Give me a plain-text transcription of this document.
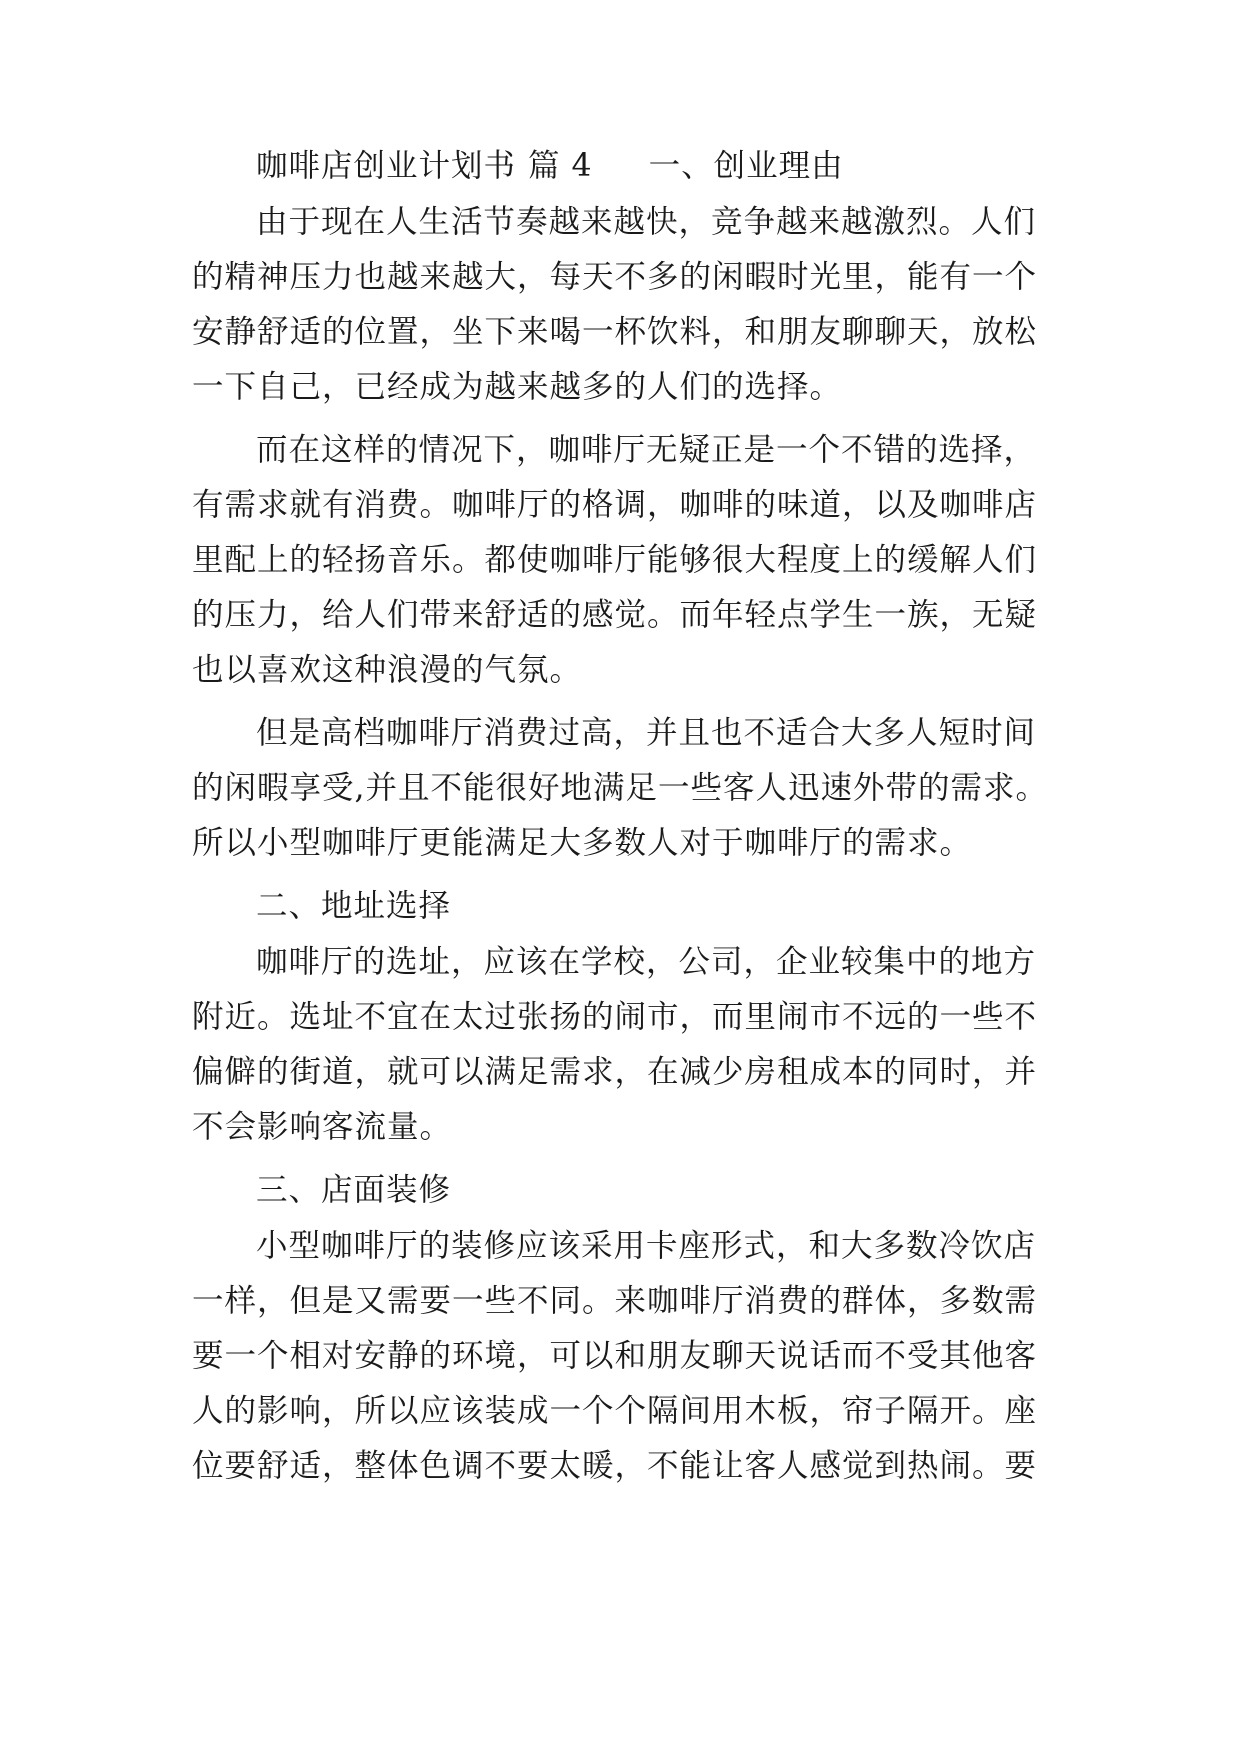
咖啡店创业计划书 篇 4 一、创业理由
由于现在人生活节奏越来越快，竞争越来越激烈。人们
的精神压力也越来越大，每天不多的闲暇时光里，能有一个
安静舒适的位置，坐下来喝一杯饮料，和朋友聊聊天，放松
一下自己，已经成为越来越多的人们的选择。
而在这样的情况下，咖啡厅无疑正是一个不错的选择，
有需求就有消费。咖啡厅的格调，咖啡的味道，以及咖啡店
里配上的轻扬音乐。都使咖啡厅能够很大程度上的缓解人们
的压力，给人们带来舒适的感觉。而年轻点学生一族，无疑
也以喜欢这种浪漫的气氛。
但是高档咖啡厅消费过高，并且也不适合大多人短时间
的闲暇享受,并且不能很好地满足一些客人迅速外带的需求。
所以小型咖啡厅更能满足大多数人对于咖啡厅的需求。
二、地址选择
咖啡厅的选址，应该在学校，公司，企业较集中的地方
附近。选址不宜在太过张扬的闹市，而里闹市不远的一些不
偏僻的街道，就可以满足需求，在减少房租成本的同时，并
不会影响客流量。
三、店面装修
小型咖啡厅的装修应该采用卡座形式，和大多数冷饮店
一样，但是又需要一些不同。来咖啡厅消费的群体，多数需
要一个相对安静的环境，可以和朋友聊天说话而不受其他客
人的影响，所以应该装成一个个隔间用木板，帘子隔开。座
位要舒适，整体色调不要太暖，不能让客人感觉到热闹。要
